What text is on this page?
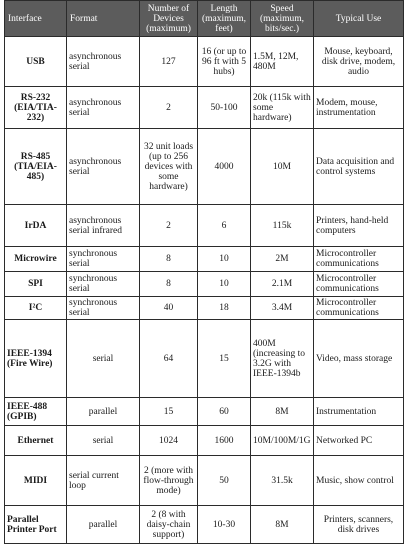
Interface	Format	Number of Devices (maximum)	Length (maximum, feet)	Speed (maximum, bits/sec.)	Typical Use
USB	asynchronous serial	127	16 (or up to 96 ft with 5 hubs)	1.5M, 12M, 480M	Mouse, keyboard, disk drive, modem, audio
RS-232 (EIA/TIA-232)	asynchronous serial	2	50-100	20k (115k with some hardware)	Modem, mouse, instrumentation
RS-485 (TIA/EIA-485)	asynchronous serial	32 unit loads (up to 256 devices with some hardware)	4000	10M	Data acquisition and control systems
IrDA	asynchronous serial infrared	2	6	115k	Printers, hand-held computers
Microwire	synchronous serial	8	10	2M	Microcontroller communications
SPI	synchronous serial	8	10	2.1M	Microcontroller communications
I²C	synchronous serial	40	18	3.4M	Microcontroller communications
IEEE-1394 (Fire Wire)	serial	64	15	400M (increasing to 3.2G with IEEE-1394b	Video, mass storage
IEEE-488 (GPIB)	parallel	15	60	8M	Instrumentation
Ethernet	serial	1024	1600	10M/100M/1G	Networked PC
MIDI	serial current loop	2 (more with flow-through mode)	50	31.5k	Music, show control
Parallel Printer Port	parallel	2 (8 with daisy-chain support)	10-30	8M	Printers, scanners, disk drives
